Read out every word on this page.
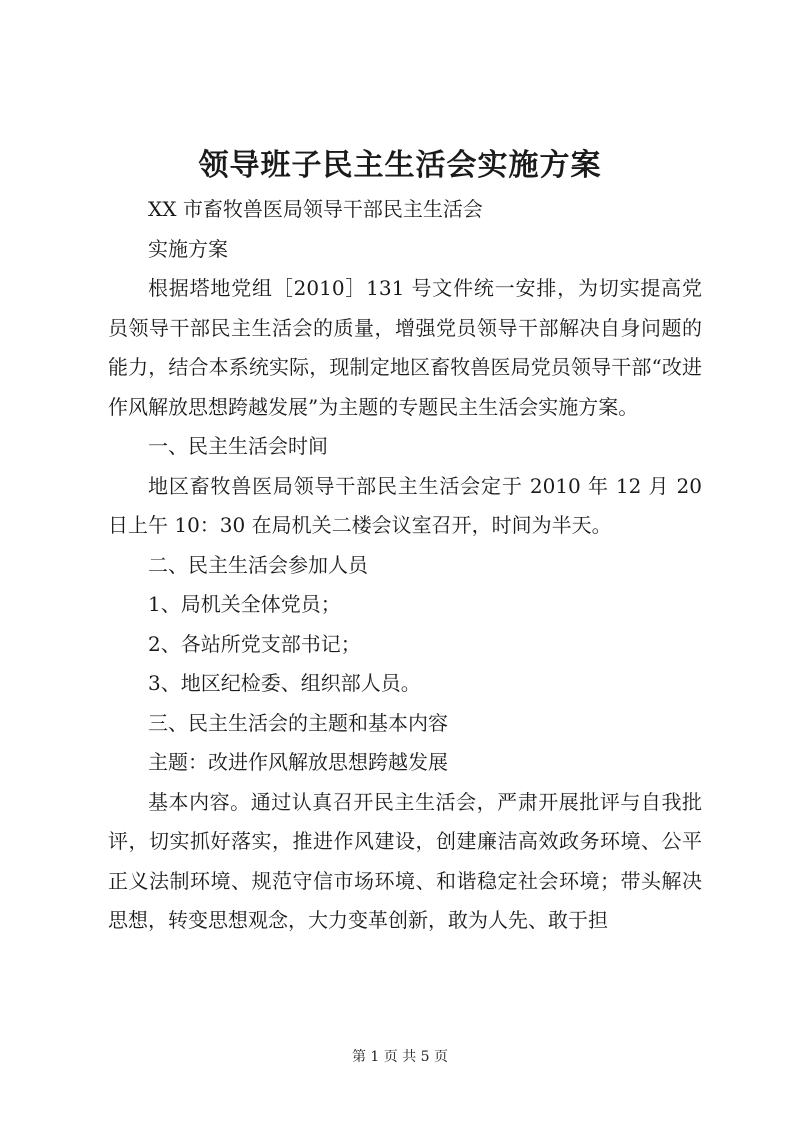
领导班子民主生活会实施方案

XX 市畜牧兽医局领导干部民主生活会

实施方案

根据塔地党组［2010］131 号文件统一安排，为切实提高党员领导干部民主生活会的质量，增强党员领导干部解决自身问题的能力，结合本系统实际，现制定地区畜牧兽医局党员领导干部“改进作风解放思想跨越发展”为主题的专题民主生活会实施方案。

一、民主生活会时间

地区畜牧兽医局领导干部民主生活会定于 2010 年 12 月 20 日上午 10：30 在局机关二楼会议室召开，时间为半天。

二、民主生活会参加人员

1、局机关全体党员；

2、各站所党支部书记；

3、地区纪检委、组织部人员。

三、民主生活会的主题和基本内容

主题：改进作风解放思想跨越发展

基本内容。通过认真召开民主生活会，严肃开展批评与自我批评，切实抓好落实，推进作风建设，创建廉洁高效政务环境、公平正义法制环境、规范守信市场环境、和谐稳定社会环境；带头解决思想，转变思想观念，大力变革创新，敢为人先、敢于担

第 1 页 共 5 页
